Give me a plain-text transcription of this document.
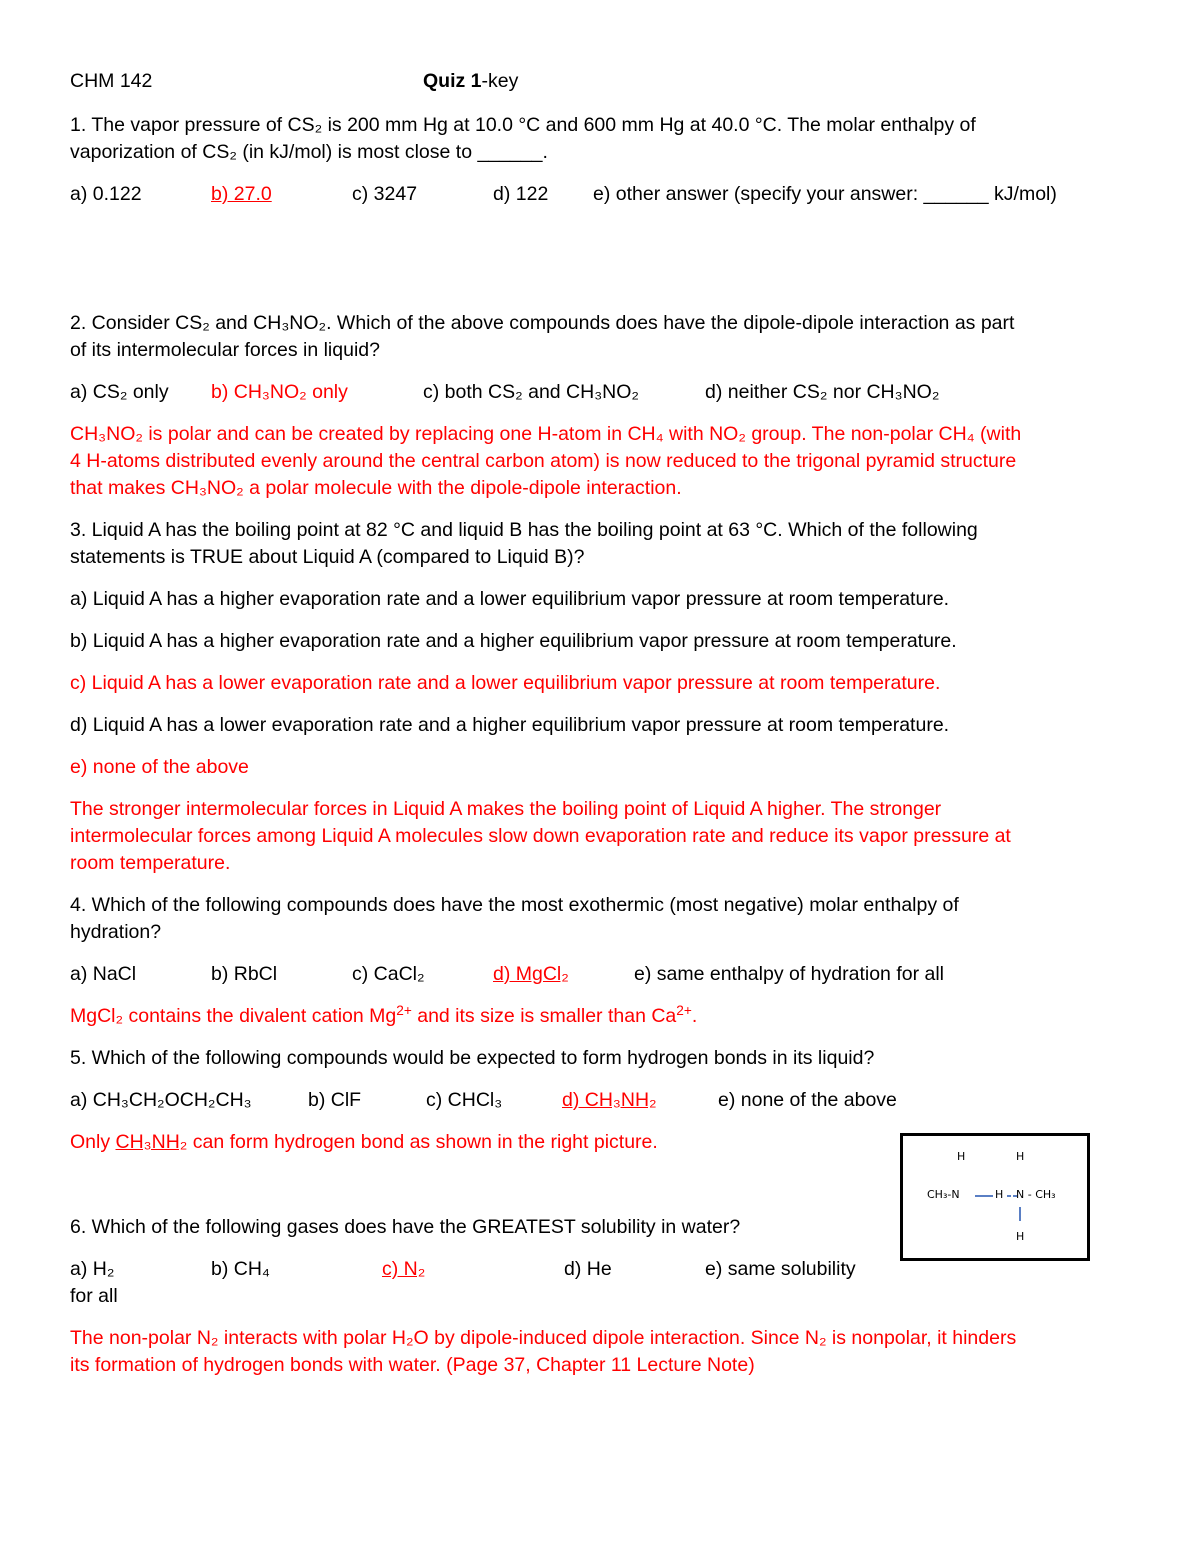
CHM 142	Quiz 1-key

1. The vapor pressure of CS₂ is 200 mm Hg at 10.0 °C and 600 mm Hg at 40.0 °C. The molar enthalpy of

vaporization of CS₂ (in kJ/mol) is most close to ______.

a) 0.122	b) 27.0	c) 3247	d) 122	e) other answer (specify your answer: ______ kJ/mol)

2. Consider CS₂ and CH₃NO₂. Which of the above compounds does have the dipole-dipole interaction as part

of its intermolecular forces in liquid?

a) CS₂ only	b) CH₃NO₂ only	c) both CS₂ and CH₃NO₂	d) neither CS₂ nor CH₃NO₂

CH₃NO₂ is polar and can be created by replacing one H-atom in CH₄ with NO₂ group. The non-polar CH₄ (with

4 H-atoms distributed evenly around the central carbon atom) is now reduced to the trigonal pyramid structure

that makes CH₃NO₂ a polar molecule with the dipole-dipole interaction.

3. Liquid A has the boiling point at 82 °C and liquid B has the boiling point at 63 °C. Which of the following

statements is TRUE about Liquid A (compared to Liquid B)?

a) Liquid A has a higher evaporation rate and a lower equilibrium vapor pressure at room temperature.

b) Liquid A has a higher evaporation rate and a higher equilibrium vapor pressure at room temperature.

c) Liquid A has a lower evaporation rate and a lower equilibrium vapor pressure at room temperature.

d) Liquid A has a lower evaporation rate and a higher equilibrium vapor pressure at room temperature.

e) none of the above

The stronger intermolecular forces in Liquid A makes the boiling point of Liquid A higher. The stronger

intermolecular forces among Liquid A molecules slow down evaporation rate and reduce its vapor pressure at

room temperature.

4. Which of the following compounds does have the most exothermic (most negative) molar enthalpy of

hydration?

a) NaCl	b) RbCl	c) CaCl₂	d) MgCl₂	e) same enthalpy of hydration for all

MgCl₂ contains the divalent cation $Mg^{2+}$ and its size is smaller than $Ca^{2+}$.

5. Which of the following compounds would be expected to form hydrogen bonds in its liquid?

a) CH₃CH₂OCH₂CH₃	b) ClF	c) CHCl₃	d) CH₃NH₂	e) none of the above

Only CH₃NH₂ can form hydrogen bond as shown in the right picture.

6. Which of the following gases does have the GREATEST solubility in water?

a) H₂	b) CH₄	c) N₂	d) He	e) same solubility

for all

The non-polar N₂ interacts with polar H₂O by dipole-induced dipole interaction. Since N₂ is nonpolar, it hinders

its formation of hydrogen bonds with water. (Page 37, Chapter 11 Lecture Note)

H	H
CH₃-N	H N - CH₃
H
